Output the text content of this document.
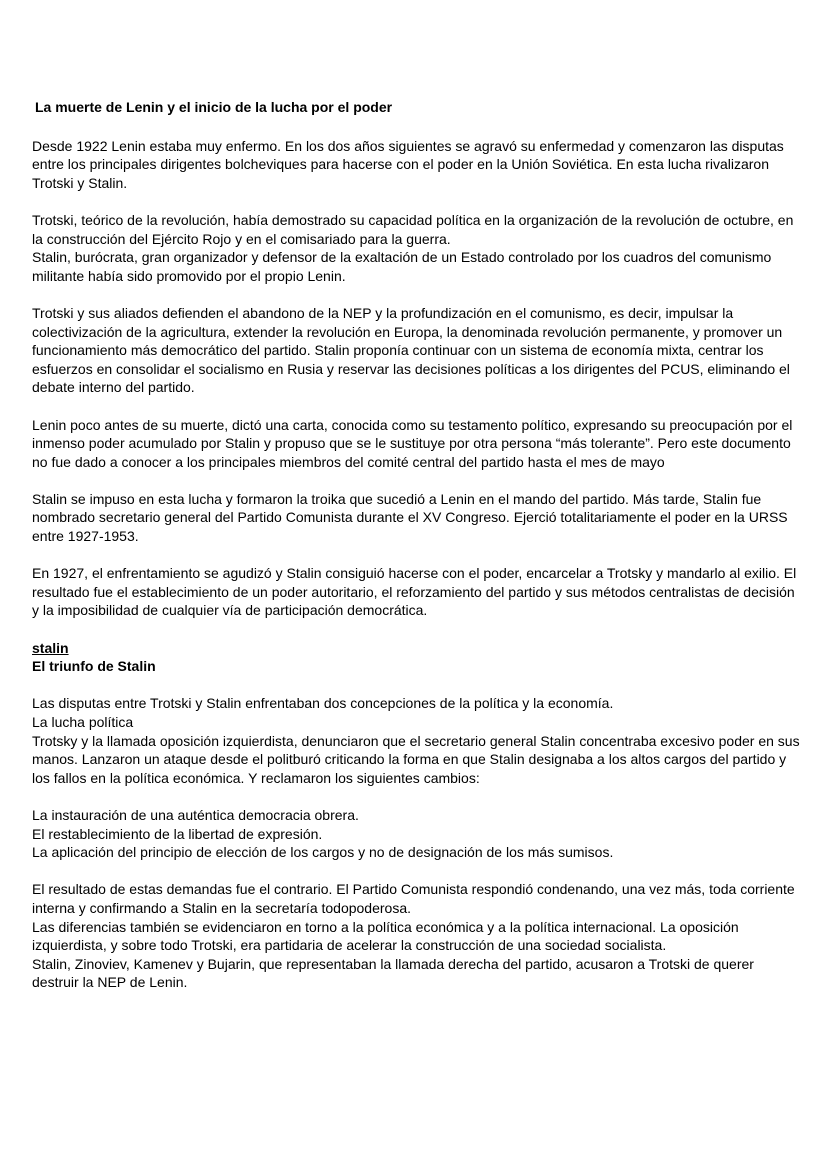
La muerte de Lenin y el inicio de la lucha por el poder

Desde 1922 Lenin estaba muy enfermo. En los dos años siguientes se agravó su enfermedad y comenzaron las disputas entre los principales dirigentes bolcheviques para hacerse con el poder en la Unión Soviética. En esta lucha rivalizaron Trotski y Stalin.

Trotski, teórico de la revolución, había demostrado su capacidad política en la organización de la revolución de octubre, en la construcción del Ejército Rojo y en el comisariado para la guerra.

Stalin, burócrata, gran organizador y defensor de la exaltación de un Estado controlado por los cuadros del comunismo militante había sido promovido por el propio Lenin.

Trotski y sus aliados defienden el abandono de la NEP y la profundización en el comunismo, es decir, impulsar la colectivización de la agricultura, extender la revolución en Europa, la denominada revolución permanente, y promover un funcionamiento más democrático del partido. Stalin proponía continuar con un sistema de economía mixta, centrar los esfuerzos en consolidar el socialismo en Rusia y reservar las decisiones políticas a los dirigentes del PCUS, eliminando el debate interno del partido.

Lenin poco antes de su muerte, dictó una carta, conocida como su testamento político, expresando su preocupación por el inmenso poder acumulado por Stalin y propuso que se le sustituye por otra persona “más tolerante”. Pero este documento no fue dado a conocer a los principales miembros del comité central del partido hasta el mes de mayo

Stalin se impuso en esta lucha y formaron la troika que sucedió a Lenin en el mando del partido. Más tarde, Stalin fue nombrado secretario general del Partido Comunista durante el XV Congreso. Ejerció totalitariamente el poder en la URSS entre 1927-1953.

En 1927, el enfrentamiento se agudizó y Stalin consiguió hacerse con el poder, encarcelar a Trotsky y mandarlo al exilio. El resultado fue el establecimiento de un poder autoritario, el reforzamiento del partido y sus métodos centralistas de decisión y la imposibilidad de cualquier vía de participación democrática.

stalin
El triunfo de Stalin

Las disputas entre Trotski y Stalin enfrentaban dos concepciones de la política y la economía.

La lucha política

Trotsky y la llamada oposición izquierdista, denunciaron que el secretario general Stalin concentraba excesivo poder en sus manos. Lanzaron un ataque desde el politburó criticando la forma en que Stalin designaba a los altos cargos del partido y los fallos en la política económica. Y reclamaron los siguientes cambios:

La instauración de una auténtica democracia obrera.

El restablecimiento de la libertad de expresión.

La aplicación del principio de elección de los cargos y no de designación de los más sumisos.

El resultado de estas demandas fue el contrario. El Partido Comunista respondió condenando, una vez más, toda corriente interna y confirmando a Stalin en la secretaría todopoderosa.

Las diferencias también se evidenciaron en torno a la política económica y a la política internacional. La oposición izquierdista, y sobre todo Trotski, era partidaria de acelerar la construcción de una sociedad socialista.

Stalin, Zinoviev, Kamenev y Bujarin, que representaban la llamada derecha del partido, acusaron a Trotski de querer destruir la NEP de Lenin.
